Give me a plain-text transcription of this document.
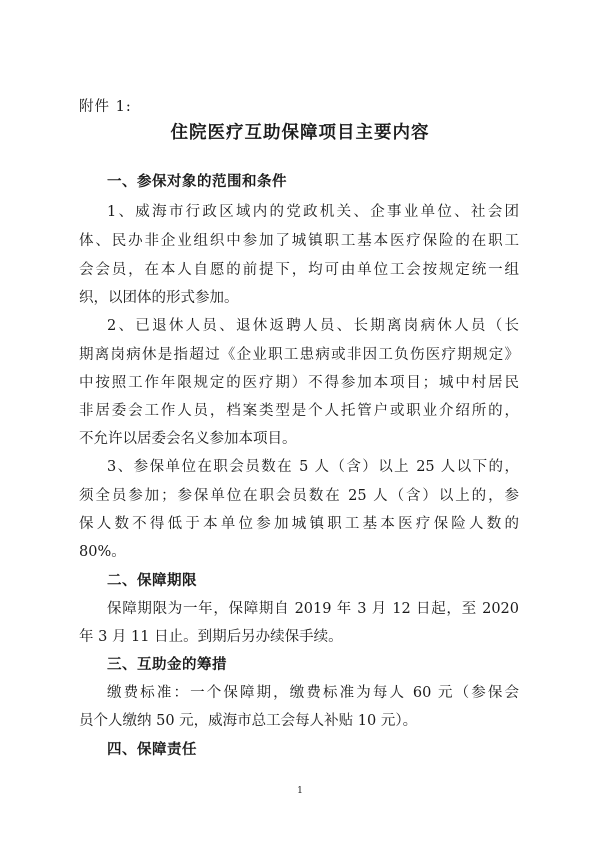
附件 1:
住院医疗互助保障项目主要内容
一、参保对象的范围和条件
1、威海市行政区域内的党政机关、企事业单位、社会团
体、民办非企业组织中参加了城镇职工基本医疗保险的在职工
会会员，在本人自愿的前提下，均可由单位工会按规定统一组
织，以团体的形式参加。
2、已退休人员、退休返聘人员、长期离岗病休人员（长
期离岗病休是指超过《企业职工患病或非因工负伤医疗期规定》
中按照工作年限规定的医疗期）不得参加本项目；城中村居民
非居委会工作人员，档案类型是个人托管户或职业介绍所的，
不允许以居委会名义参加本项目。
3、参保单位在职会员数在 5 人（含）以上 25 人以下的，
须全员参加；参保单位在职会员数在 25 人（含）以上的，参
保人数不得低于本单位参加城镇职工基本医疗保险人数的
80%。
二、保障期限
保障期限为一年，保障期自 2019 年 3 月 12 日起，至 2020
年 3 月 11 日止。到期后另办续保手续。
三、互助金的筹措
缴费标准：一个保障期，缴费标准为每人 60 元（参保会
员个人缴纳 50 元，威海市总工会每人补贴 10 元）。
四、保障责任
1
